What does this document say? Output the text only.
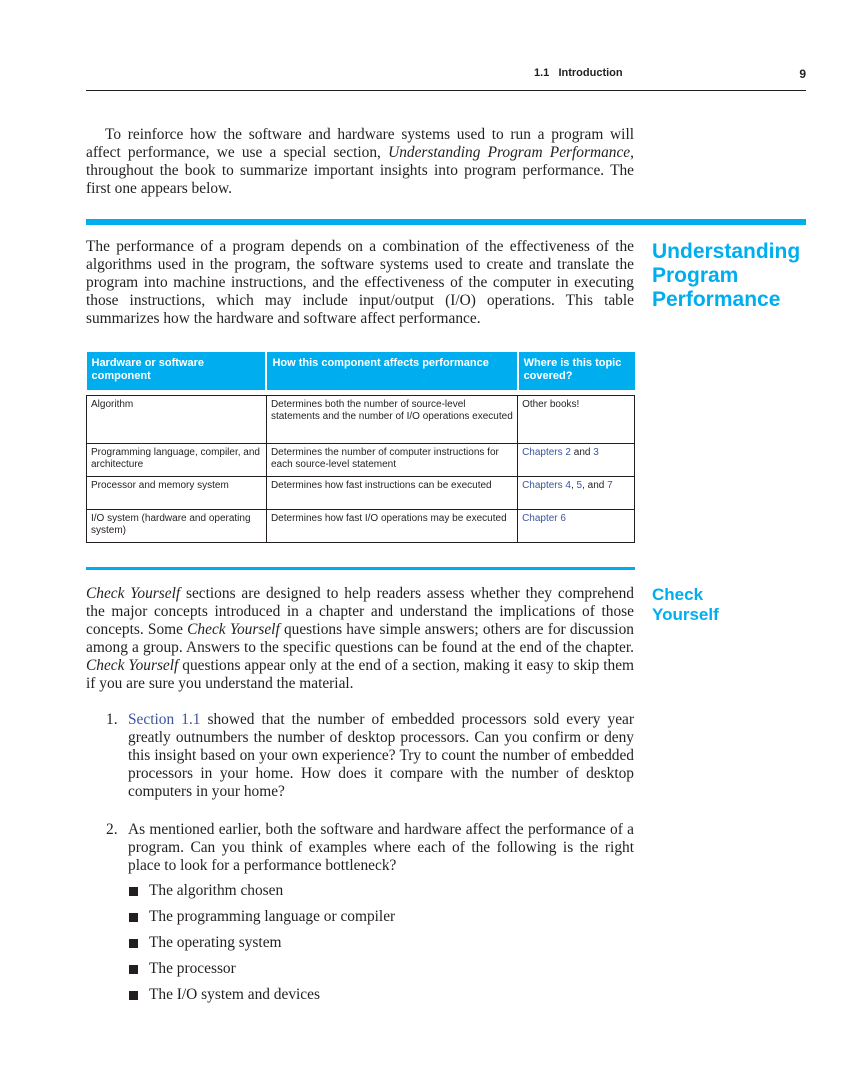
1.1   Introduction	9

To reinforce how the software and hardware systems used to run a program will affect performance, we use a special section, Understanding Program Performance, throughout the book to summarize important insights into program performance. The first one appears below.

Understanding
Program
Performance

The performance of a program depends on a combination of the effectiveness of the algorithms used in the program, the software systems used to create and translate the program into machine instructions, and the effectiveness of the computer in executing those instructions, which may include input/output (I/O) operations. This table summarizes how the hardware and software affect performance.

Hardware or software component	How this component affects performance	Where is this topic covered?

Algorithm	Determines both the number of source-level statements and the number of I/O operations executed	Other books!
Programming language, compiler, and architecture	Determines the number of computer instructions for each source-level statement	Chapters 2 and 3
Processor and memory system	Determines how fast instructions can be executed	Chapters 4, 5, and 7
I/O system (hardware and operating system)	Determines how fast I/O operations may be executed	Chapter 6
Check
Yourself

Check Yourself sections are designed to help readers assess whether they comprehend the major concepts introduced in a chapter and understand the implications of those concepts. Some Check Yourself questions have simple answers; others are for discussion among a group. Answers to the specific questions can be found at the end of the chapter. Check Yourself questions appear only at the end of a section, making it easy to skip them if you are sure you understand the material.

1. Section 1.1 showed that the number of embedded processors sold every year greatly outnumbers the number of desktop processors. Can you confirm or deny this insight based on your own experience? Try to count the number of embedded processors in your home. How does it compare with the number of desktop computers in your home?
2. As mentioned earlier, both the software and hardware affect the performance of a program. Can you think of examples where each of the following is the right place to look for a performance bottleneck?
The algorithm chosen
The programming language or compiler
The operating system
The processor
The I/O system and devices
